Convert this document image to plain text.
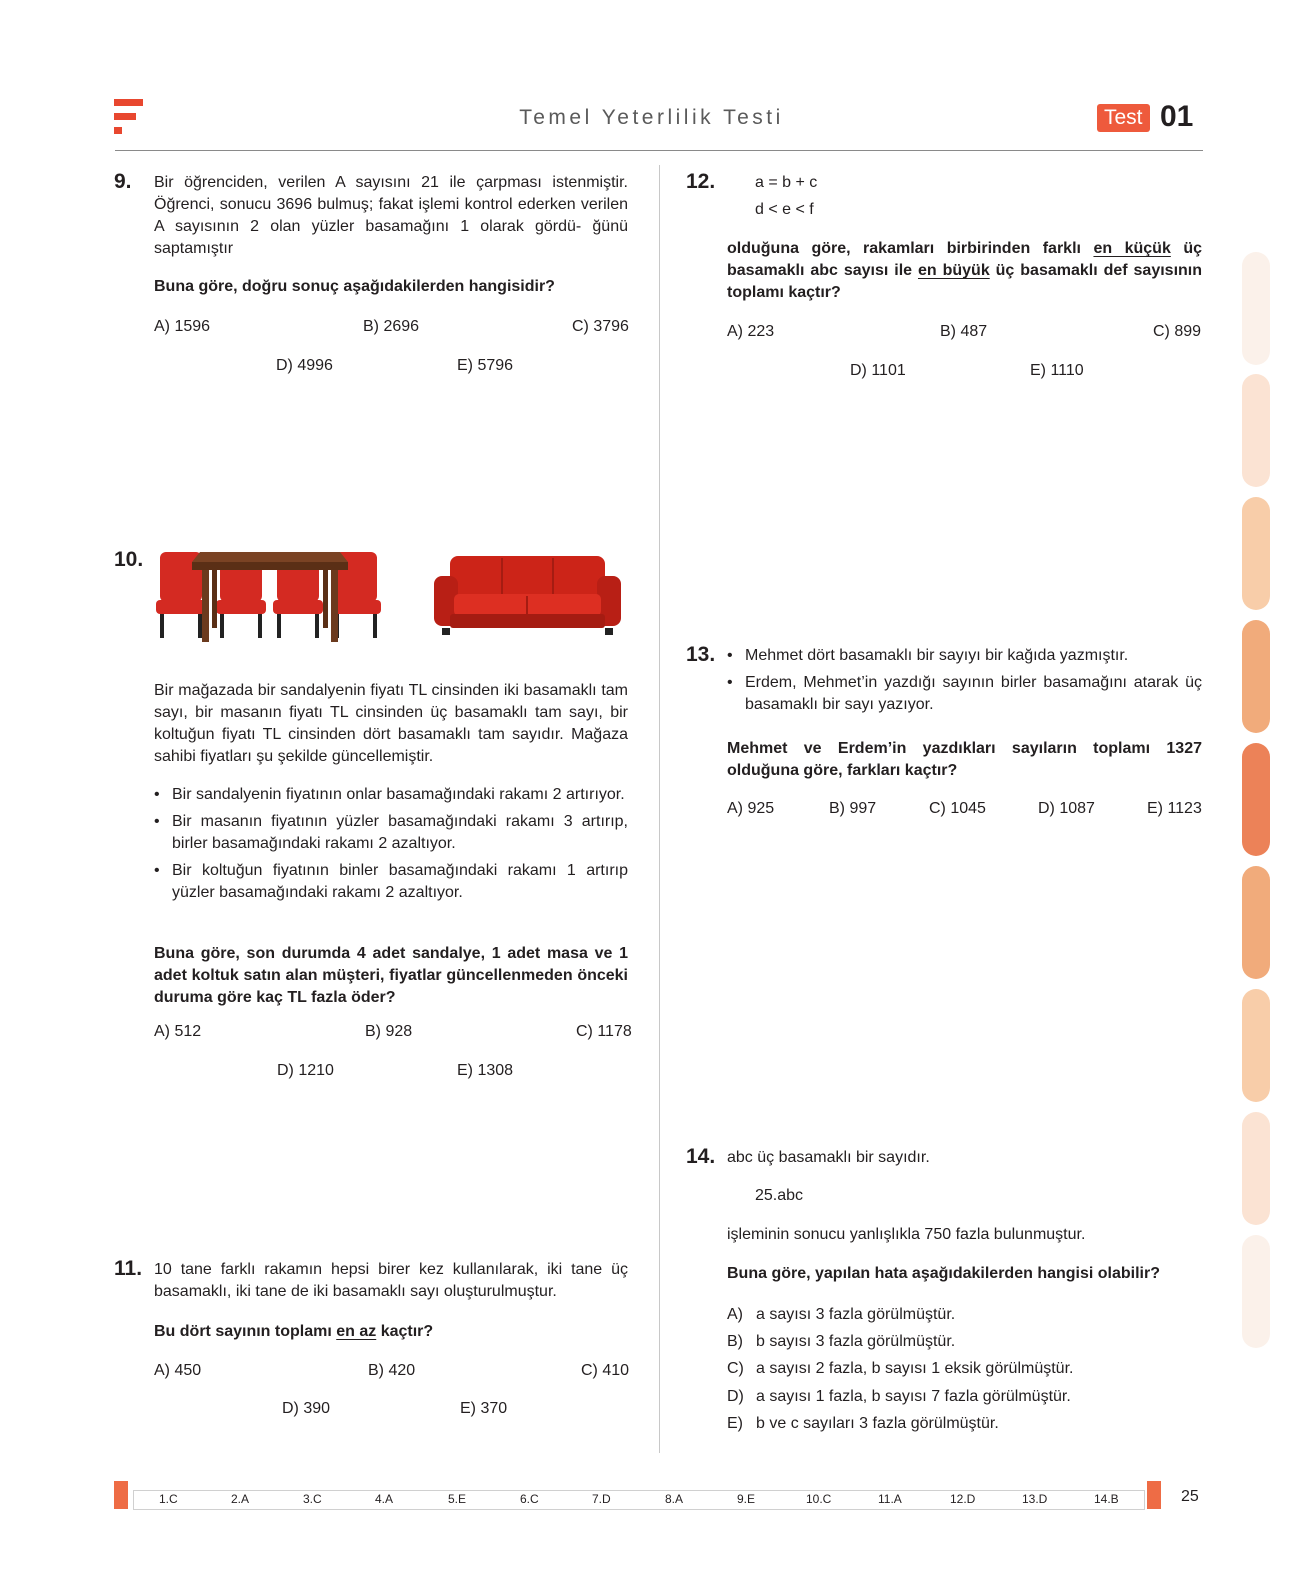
Temel Yeterlilik Testi	Test 01
9. Bir öğrenciden, verilen A sayısını 21 ile çarpması istenmiştir. Öğrenci, sonucu 3696 bulmuş; fakat işlemi kontrol ederken verilen A sayısının 2 olan yüzler basamağını 1 olarak gördü- ğünü saptamıştır
Buna göre, doğru sonuç aşağıdakilerden hangisidir?
A) 1596	B) 2696	C) 3796
D) 4996	E) 5796
10.
Bir mağazada bir sandalyenin fiyatı TL cinsinden iki basamaklı tam sayı, bir masanın fiyatı TL cinsinden üç basamaklı tam sayı, bir koltuğun fiyatı TL cinsinden dört basamaklı tam sayıdır. Mağaza sahibi fiyatları şu şekilde güncellemiştir.
• Bir sandalyenin fiyatının onlar basamağındaki rakamı 2 artırıyor.
• Bir masanın fiyatının yüzler basamağındaki rakamı 3 artırıp, birler basamağındaki rakamı 2 azaltıyor.
• Bir koltuğun fiyatının binler basamağındaki rakamı 1 artırıp yüzler basamağındaki rakamı 2 azaltıyor.
Buna göre, son durumda 4 adet sandalye, 1 adet masa ve 1 adet koltuk satın alan müşteri, fiyatlar güncellenmeden önceki duruma göre kaç TL fazla öder?
A) 512	B) 928	C) 1178
D) 1210	E) 1308
11. 10 tane farklı rakamın hepsi birer kez kullanılarak, iki tane üç basamaklı, iki tane de iki basamaklı sayı oluşturulmuştur.
Bu dört sayının toplamı en az kaçtır?
A) 450	B) 420	C) 410
D) 390	E) 370
12. a = b + c
d < e < f
olduğuna göre, rakamları birbirinden farklı en küçük üç basamaklı abc sayısı ile en büyük üç basamaklı def sayısının toplamı kaçtır?
A) 223	B) 487	C) 899
D) 1101	E) 1110
13.
•	Mehmet dört basamaklı bir sayıyı bir kağıda yazmıştır.
• Erdem, Mehmet’in yazdığı sayının birler basamağını atarak üç basamaklı bir sayı yazıyor.
Mehmet ve Erdem’in yazdıkları sayıların toplamı 1327 olduğuna göre, farkları kaçtır?
A) 925	B) 997	C) 1045	D) 1087	E) 1123
14. abc üç basamaklı bir sayıdır.
25.abc
işleminin sonucu yanlışlıkla 750 fazla bulunmuştur.
Buna göre, yapılan hata aşağıdakilerden hangisi olabilir?
A) a sayısı 3 fazla görülmüştür.
B) b sayısı 3 fazla görülmüştür.
C) a sayısı 2 fazla, b sayısı 1 eksik görülmüştür.
D) a sayısı 1 fazla, b sayısı 7 fazla görülmüştür.
E) b ve c sayıları 3 fazla görülmüştür.
1.C	2.A	3.C	4.A	5.E	6.C	7.D	8.A	9.E	10.C	11.A	12.D	13.D	14.B	25
